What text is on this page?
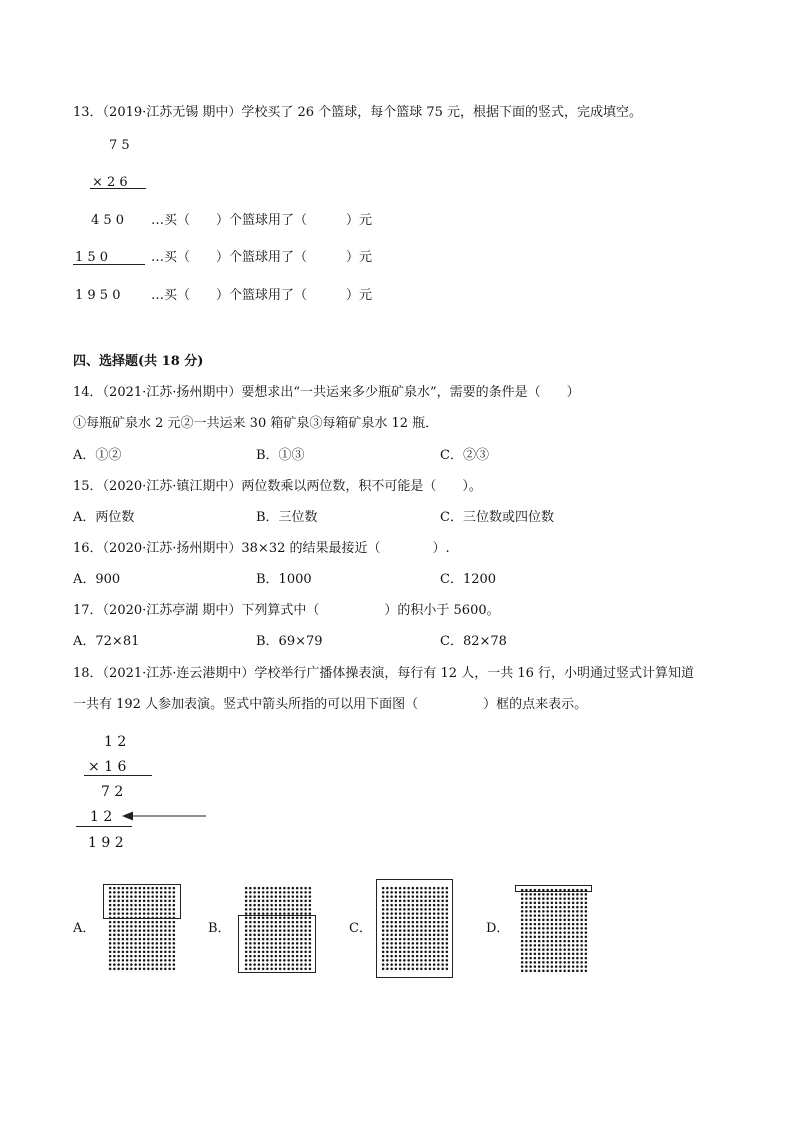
13．（2019·江苏无锡 期中）学校买了 26 个篮球，每个篮球 75 元，根据下面的竖式，完成填空。
7 5
× 2 6
4 5 0 …买（　　）个篮球用了（　　　）元
1 5 0	…买（　　）个篮球用了（　　　）元
1 9 5 0 …买（　　）个篮球用了（　　　）元
四、选择题(共 18 分)
14．（2021·江苏·扬州期中）要想求出“一共运来多少瓶矿泉水”，需要的条件是（　　）
①每瓶矿泉水 2 元②一共运来 30 箱矿泉③每箱矿泉水 12 瓶．
A．①②	B．①③	C．②③
15．（2020·江苏·镇江期中）两位数乘以两位数，积不可能是（　　）。
A．两位数	B．三位数	C．三位数或四位数
16．（2020·江苏·扬州期中）38×32 的结果最接近（　　　　）.
A．900	B．1000	C．1200
17．（2020·江苏亭湖 期中）下列算式中（　　　　　）的积小于 5600。
A．72×81	B．69×79	C．82×78
18．（2021·江苏·连云港期中）学校举行广播体操表演，每行有 12 人，一共 16 行，小明通过竖式计算知道
一共有 192 人参加表演。竖式中箭头所指的可以用下面图（　　　　　）框的点来表示。
1 2
× 1 6
7 2
1 2
1 9 2
A．	B．	C．	D．
